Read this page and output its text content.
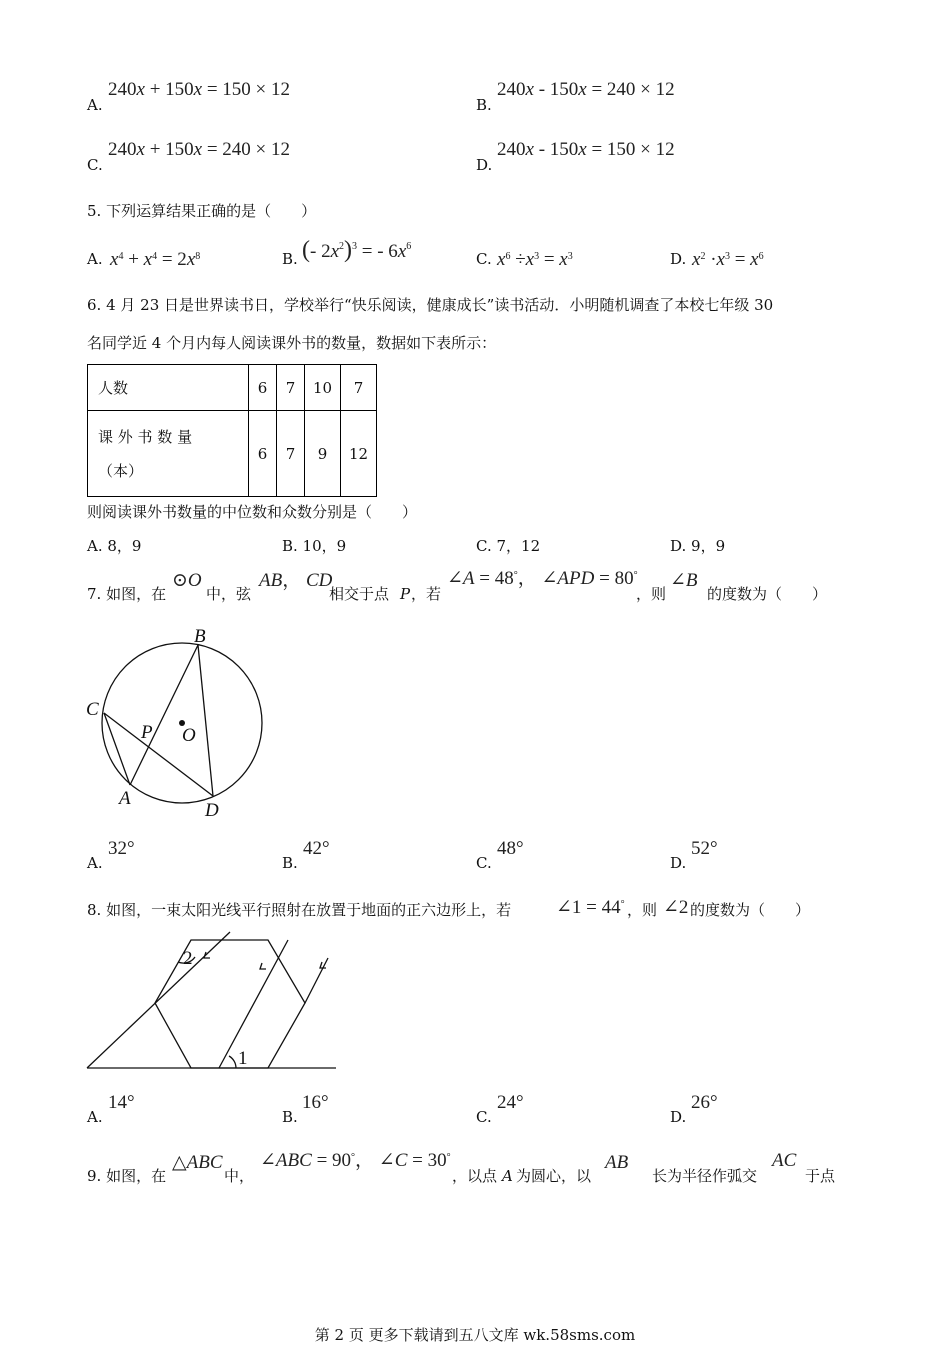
A.
240x + 150x = 150 × 12
B.
240x - 150x = 240 × 12
C.
240x + 150x = 240 × 12
D.
240x - 150x = 150 × 12
5. 下列运算结果正确的是（　　）
A. $x^4 + x^4 = 2x^8$	B. (- $2x^2)^3$ = - $6x^6$
C. $x^6 \div x^3 = x^3$	D. $x^2 \cdot x^3 = x^6$
6. 4 月 23 日是世界读书日，学校举行“快乐阅读，健康成长”读书活动．小明随机调查了本校七年级 30
名同学近 4 个月内每人阅读课外书的数量，数据如下表所示：
人数	6	7	10	7
课 外 书 数 量
（本）	6	7	9	12
则阅读课外书数量的中位数和众数分别是（　　）
A. 8，9	B. 10，9	C. 7，12	D. 9，9
7. 如图，在
⊙O
中，弦
AB， CD
相交于点 P ，若
∠A = 48°， ∠APD = 80°
，则
∠B
的度数为（　　）
B
C
P O
A
D
A.
32°
B.
42°
C.
48°
D.
52°
8. 如图，一束太阳光线平行照射在放置于地面的正六边形上，若 ∠1 = 44° ，则 ∠2 的度数为（　　）
1
2
A.
14°
B.
16°
C.
24°
D.
26°
9. 如图，在
△ABC
中，
∠ABC = 90°， ∠C = 30°
，以点 A 为圆心，以
AB
长为半径作弧交
AC
于点
第 2 页 更多下载请到五八文库 wk.58sms.com
